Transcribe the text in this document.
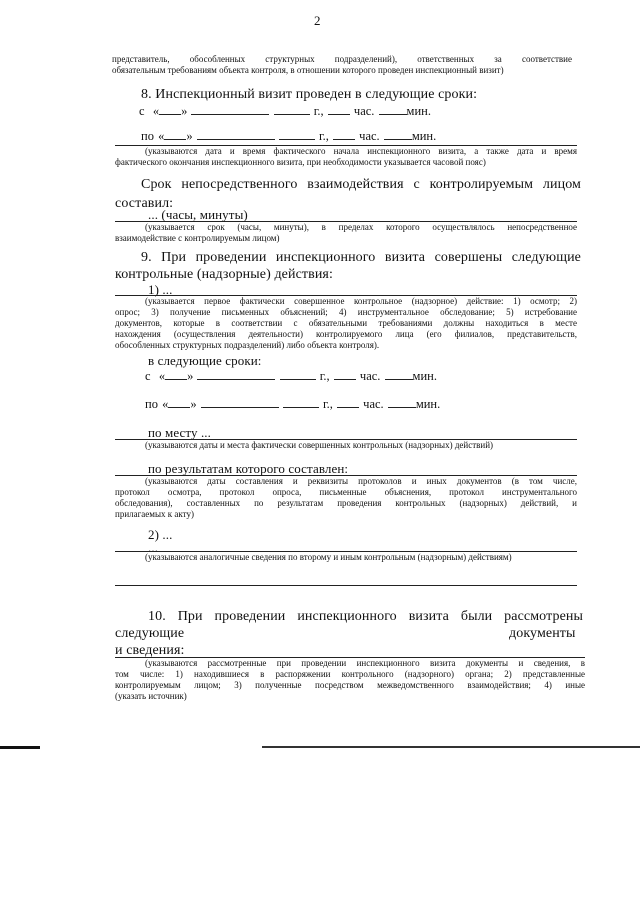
2
представитель, обособленных структурных подразделений), ответственных за соответствие
обязательным требованиям объекта контроля, в отношении которого проведен инспекционный визит)
8. Инспекционный визит проведен в следующие сроки:
с « »	г., час.	мин.
по « »	г., час.	мин.
(указываются дата и время фактического начала инспекционного визита, а также дата и время
фактического окончания инспекционного визита, при необходимости указывается часовой пояс)
Срок непосредственного взаимодействия с контролируемым лицом
составил:
... (часы, минуты)
(указывается срок (часы, минуты), в пределах которого осуществлялось непосредственное
взаимодействие с контролируемым лицом)
9. При проведении инспекционного визита совершены следующие
контрольные (надзорные) действия:
1) ...
(указывается первое фактически совершенное контрольное (надзорное) действие: 1) осмотр; 2)
опрос; 3) получение письменных объяснений; 4) инструментальное обследование; 5) истребование
документов, которые в соответствии с обязательными требованиями должны находиться в месте
нахождения (осуществления деятельности) контролируемого лица (его филиалов, представительств,
обособленных структурных подразделений) либо объекта контроля).
в следующие сроки:
с « »	г., час.	мин.
по « »	г., час.	мин.
по месту ...
(указываются даты и места фактически совершенных контрольных (надзорных) действий)
по результатам которого составлен:
(указываются даты составления и реквизиты протоколов и иных документов (в том числе,
протокол осмотра, протокол опроса, письменные объяснения, протокол инструментального
обследования), составленных по результатам проведения контрольных (надзорных) действий, и
прилагаемых к акту)
2) ...
...
(указываются аналогичные сведения по второму и иным контрольным (надзорным) действиям)
10. При проведении инспекционного визита были рассмотрены
следующие	документы
и сведения:
(указываются рассмотренные при проведении инспекционного визита документы и сведения, в
том числе: 1) находившиеся в распоряжении контрольного (надзорного) органа; 2) представленные
контролируемым лицом; 3) полученные посредством межведомственного взаимодействия; 4) иные
(указать источник)
